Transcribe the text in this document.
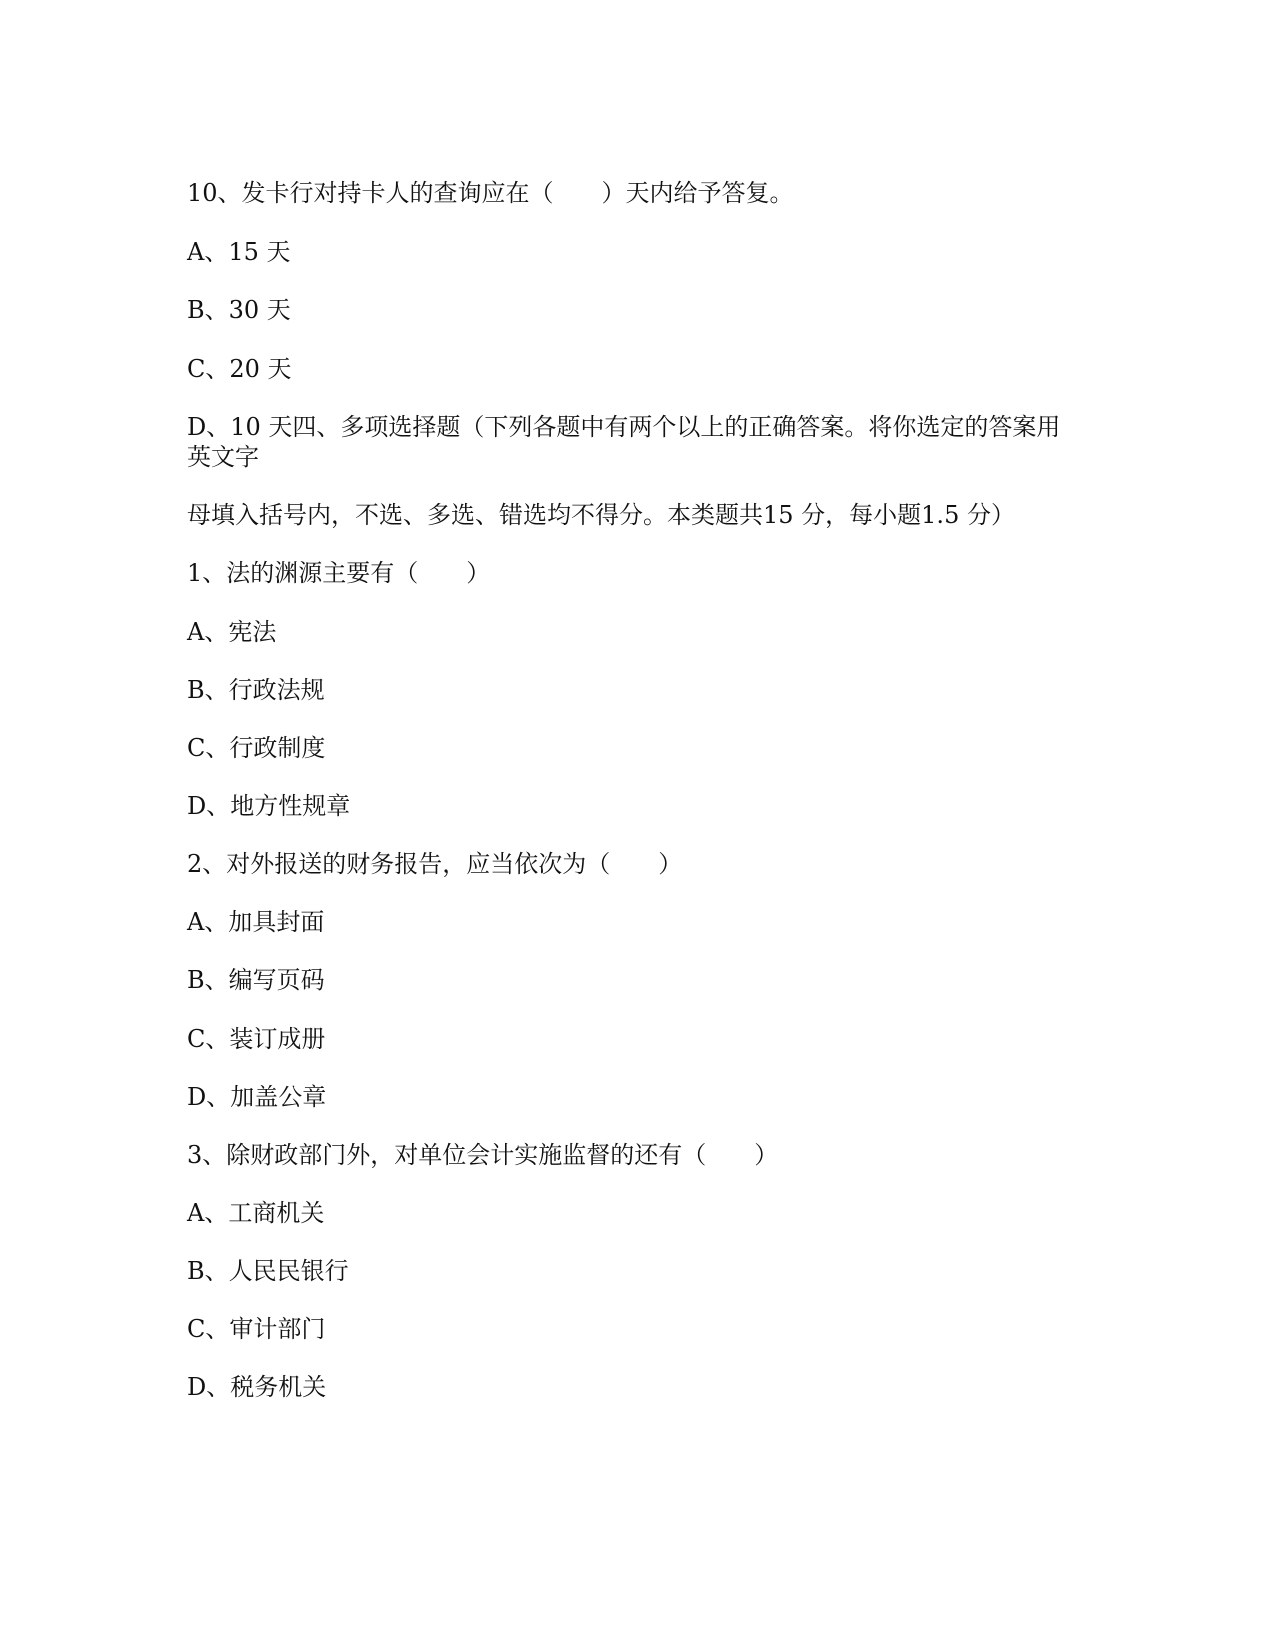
10、发卡行对持卡人的查询应在（　　）天内给予答复。
A、15 天
B、30 天
C、20 天
D、10 天四、多项选择题（下列各题中有两个以上的正确答案。将你选定的答案用
英文字
母填入括号内，不选、多选、错选均不得分。本类题共15 分，每小题1.5 分）
1、法的渊源主要有（　　）
A、宪法
B、行政法规
C、行政制度
D、地方性规章
2、对外报送的财务报告，应当依次为（　　）
A、加具封面
B、编写页码
C、装订成册
D、加盖公章
3、除财政部门外，对单位会计实施监督的还有（　　）
A、工商机关
B、人民民银行
C、审计部门
D、税务机关
